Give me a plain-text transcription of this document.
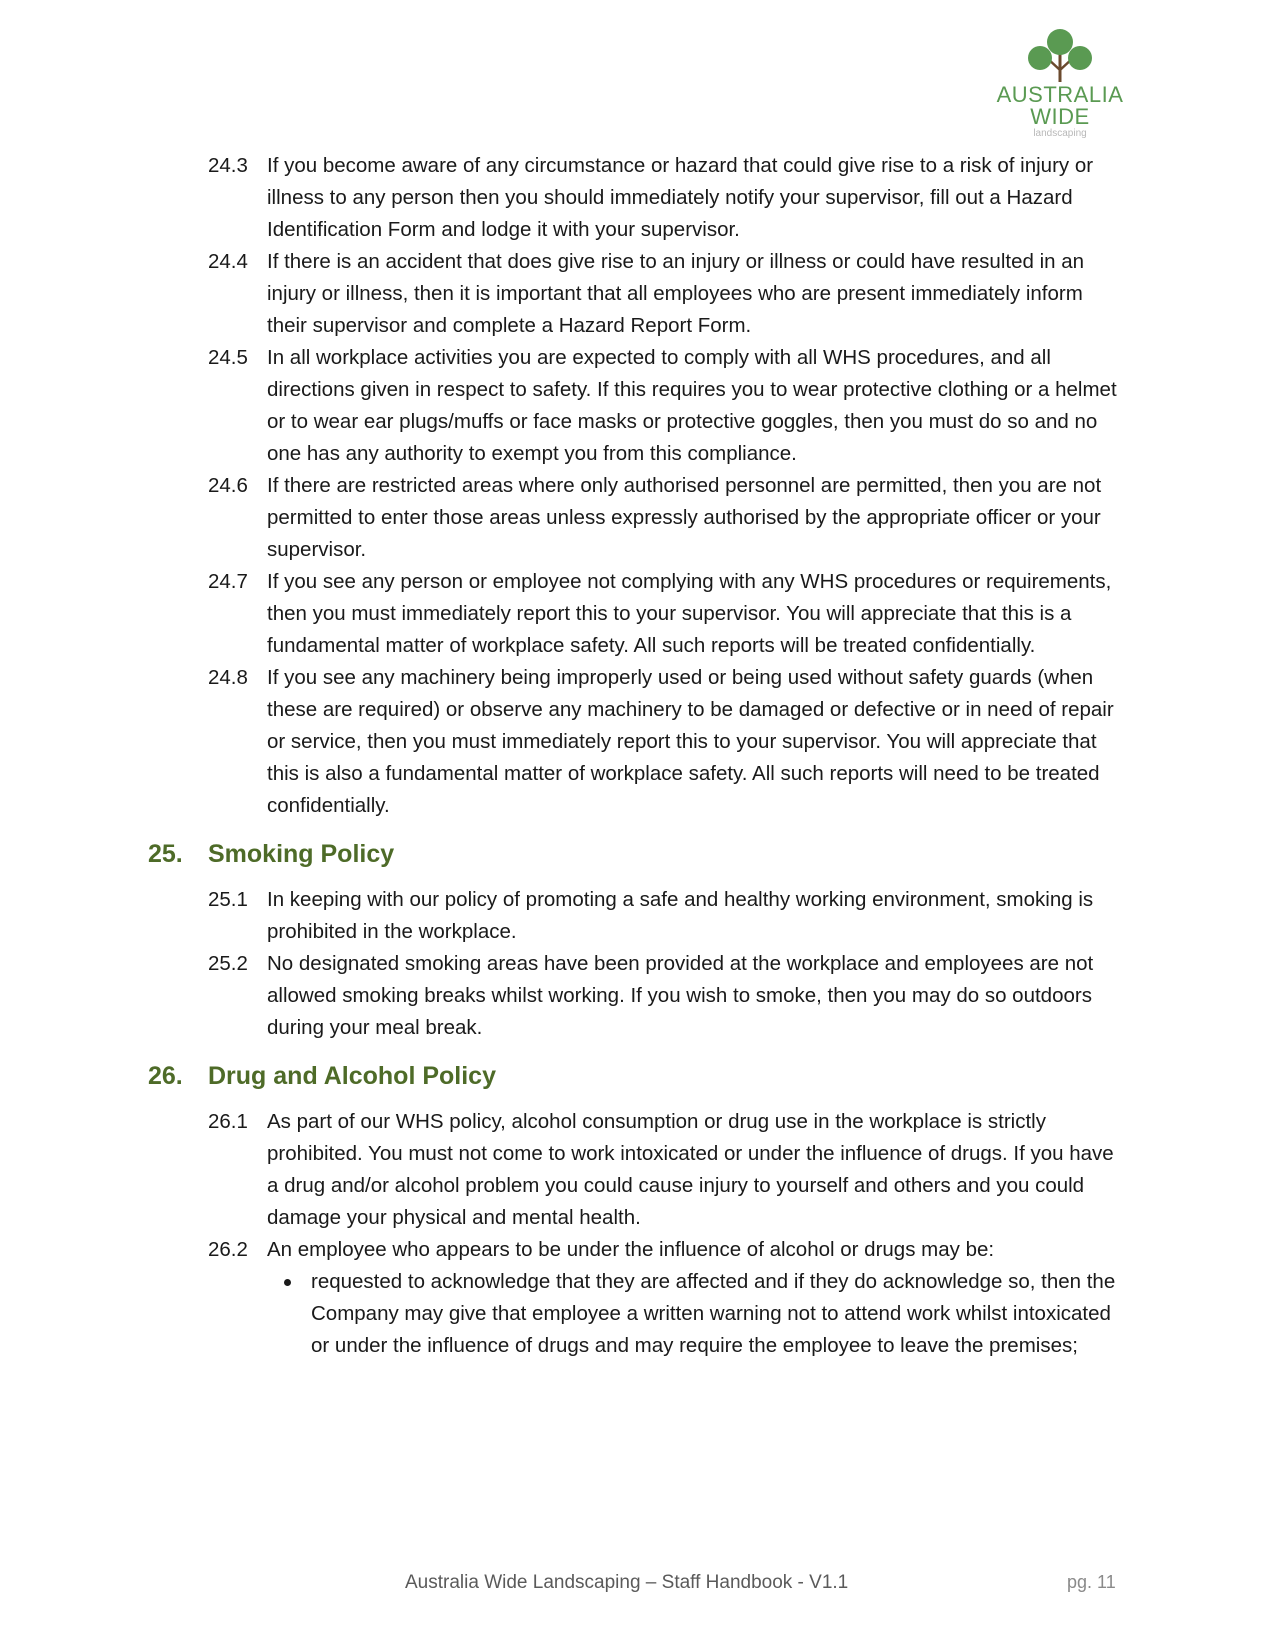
AUSTRALIA
WIDE
landscaping
24.3 If you become aware of any circumstance or hazard that could give rise to a risk of injury or illness to any person then you should immediately notify your supervisor, fill out a Hazard Identification Form and lodge it with your supervisor.
24.4 If there is an accident that does give rise to an injury or illness or could have resulted in an injury or illness, then it is important that all employees who are present immediately inform their supervisor and complete a Hazard Report Form.
24.5 In all workplace activities you are expected to comply with all WHS procedures, and all directions given in respect to safety. If this requires you to wear protective clothing or a helmet or to wear ear plugs/muffs or face masks or protective goggles, then you must do so and no one has any authority to exempt you from this compliance.
24.6 If there are restricted areas where only authorised personnel are permitted, then you are not permitted to enter those areas unless expressly authorised by the appropriate officer or your supervisor.
24.7 If you see any person or employee not complying with any WHS procedures or requirements, then you must immediately report this to your supervisor. You will appreciate that this is a fundamental matter of workplace safety. All such reports will be treated confidentially.
24.8 If you see any machinery being improperly used or being used without safety guards (when these are required) or observe any machinery to be damaged or defective or in need of repair or service, then you must immediately report this to your supervisor. You will appreciate that this is also a fundamental matter of workplace safety. All such reports will need to be treated confidentially.
25. Smoking Policy
25.1 In keeping with our policy of promoting a safe and healthy working environment, smoking is prohibited in the workplace.
25.2 No designated smoking areas have been provided at the workplace and employees are not allowed smoking breaks whilst working. If you wish to smoke, then you may do so outdoors during your meal break.
26. Drug and Alcohol Policy
26.1 As part of our WHS policy, alcohol consumption or drug use in the workplace is strictly prohibited. You must not come to work intoxicated or under the influence of drugs. If you have a drug and/or alcohol problem you could cause injury to yourself and others and you could damage your physical and mental health.
26.2 An employee who appears to be under the influence of alcohol or drugs may be:
requested to acknowledge that they are affected and if they do acknowledge so, then the Company may give that employee a written warning not to attend work whilst intoxicated or under the influence of drugs and may require the employee to leave the premises;
Australia Wide Landscaping – Staff Handbook - V1.1	pg. 11
